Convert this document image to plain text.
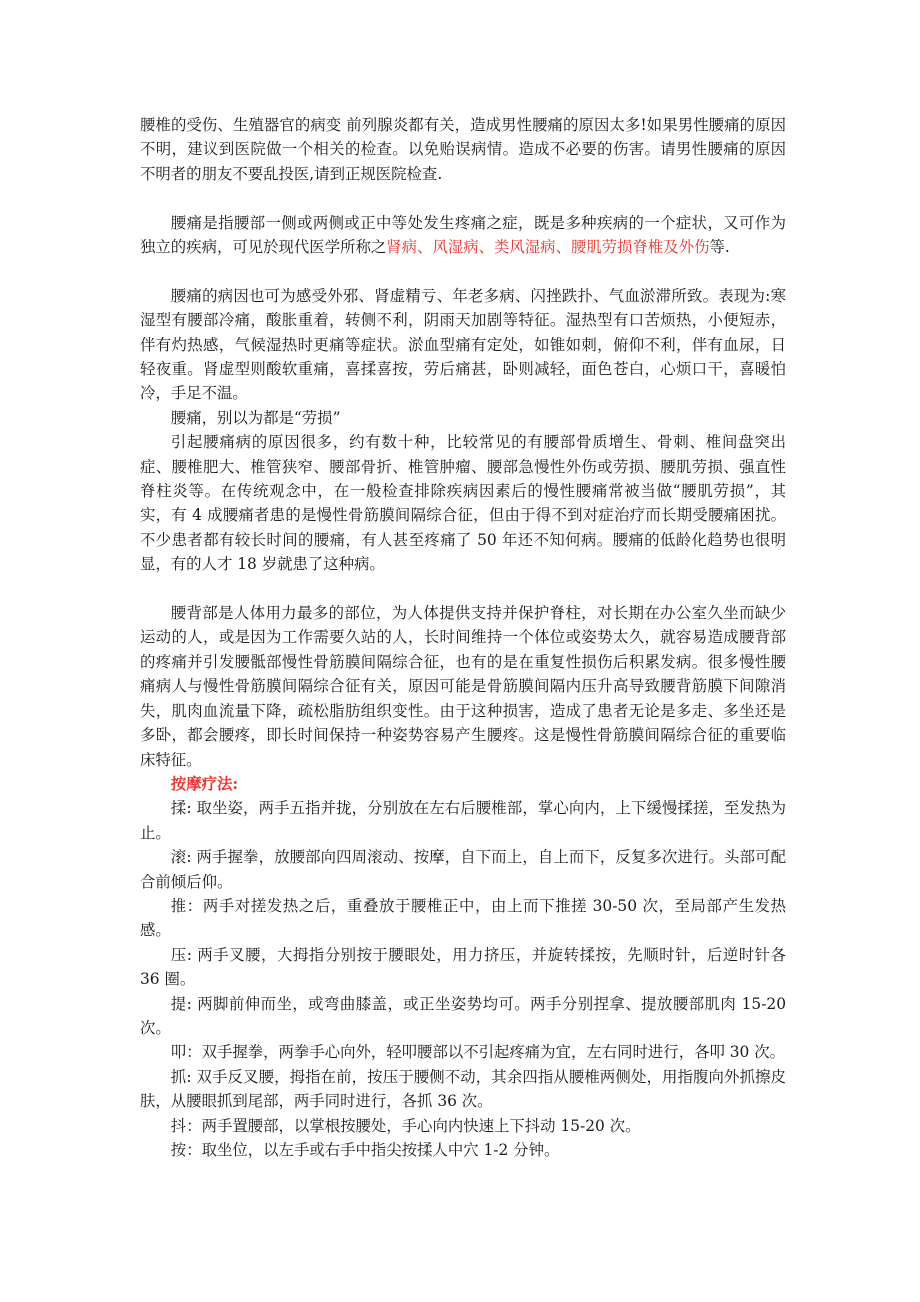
腰椎的受伤、生殖器官的病变 前列腺炎都有关，造成男性腰痛的原因太多!如果男性腰痛的原因不明，建议到医院做一个相关的检查。以免贻误病情。造成不必要的伤害。请男性腰痛的原因不明者的朋友不要乱投医,请到正规医院检查.

腰痛是指腰部一侧或两侧或正中等处发生疼痛之症，既是多种疾病的一个症状，又可作为独立的疾病，可见於现代医学所称之肾病、风湿病、类风湿病、腰肌劳损脊椎及外伤等.

腰痛的病因也可为感受外邪、肾虚精亏、年老多病、闪挫跌扑、气血淤滞所致。表现为:寒湿型有腰部冷痛，酸胀重着，转侧不利，阴雨天加剧等特征。湿热型有口苦烦热，小便短赤，伴有灼热感，气候湿热时更痛等症状。淤血型痛有定处，如锥如刺，俯仰不利，伴有血尿，日轻夜重。肾虚型则酸软重痛，喜揉喜按，劳后痛甚，卧则减轻，面色苍白，心烦口干，喜暖怕冷，手足不温。

腰痛，别以为都是“劳损”

引起腰痛病的原因很多，约有数十种，比较常见的有腰部骨质增生、骨刺、椎间盘突出症、腰椎肥大、椎管狭窄、腰部骨折、椎管肿瘤、腰部急慢性外伤或劳损、腰肌劳损、强直性脊柱炎等。在传统观念中，在一般检查排除疾病因素后的慢性腰痛常被当做“腰肌劳损”，其实，有 4 成腰痛者患的是慢性骨筋膜间隔综合征，但由于得不到对症治疗而长期受腰痛困扰。不少患者都有较长时间的腰痛，有人甚至疼痛了 50 年还不知何病。腰痛的低龄化趋势也很明显，有的人才 18 岁就患了这种病。

腰背部是人体用力最多的部位，为人体提供支持并保护脊柱，对长期在办公室久坐而缺少运动的人，或是因为工作需要久站的人，长时间维持一个体位或姿势太久，就容易造成腰背部的疼痛并引发腰骶部慢性骨筋膜间隔综合征，也有的是在重复性损伤后积累发病。很多慢性腰痛病人与慢性骨筋膜间隔综合征有关，原因可能是骨筋膜间隔内压升高导致腰背筋膜下间隙消失，肌肉血流量下降，疏松脂肪组织变性。由于这种损害，造成了患者无论是多走、多坐还是多卧，都会腰疼，即长时间保持一种姿势容易产生腰疼。这是慢性骨筋膜间隔综合征的重要临床特征。

按摩疗法:

揉: 取坐姿，两手五指并拢，分别放在左右后腰椎部，掌心向内，上下缓慢揉搓，至发热为止。

滚: 两手握拳，放腰部向四周滚动、按摩，自下而上，自上而下，反复多次进行。头部可配合前倾后仰。

推：两手对搓发热之后，重叠放于腰椎正中，由上而下推搓 30-50 次，至局部产生发热感。

压: 两手叉腰，大拇指分别按于腰眼处，用力挤压，并旋转揉按，先顺时针，后逆时针各 36 圈。

提: 两脚前伸而坐，或弯曲膝盖，或正坐姿势均可。两手分别捏拿、提放腰部肌肉 15-20 次。

叩：双手握拳，两拳手心向外，轻叩腰部以不引起疼痛为宜，左右同时进行，各叩 30 次。

抓: 双手反叉腰，拇指在前，按压于腰侧不动，其余四指从腰椎两侧处，用指腹向外抓擦皮肤，从腰眼抓到尾部，两手同时进行，各抓 36 次。

抖：两手置腰部，以掌根按腰处，手心向内快速上下抖动 15-20 次。

按：取坐位，以左手或右手中指尖按揉人中穴 1-2 分钟。
